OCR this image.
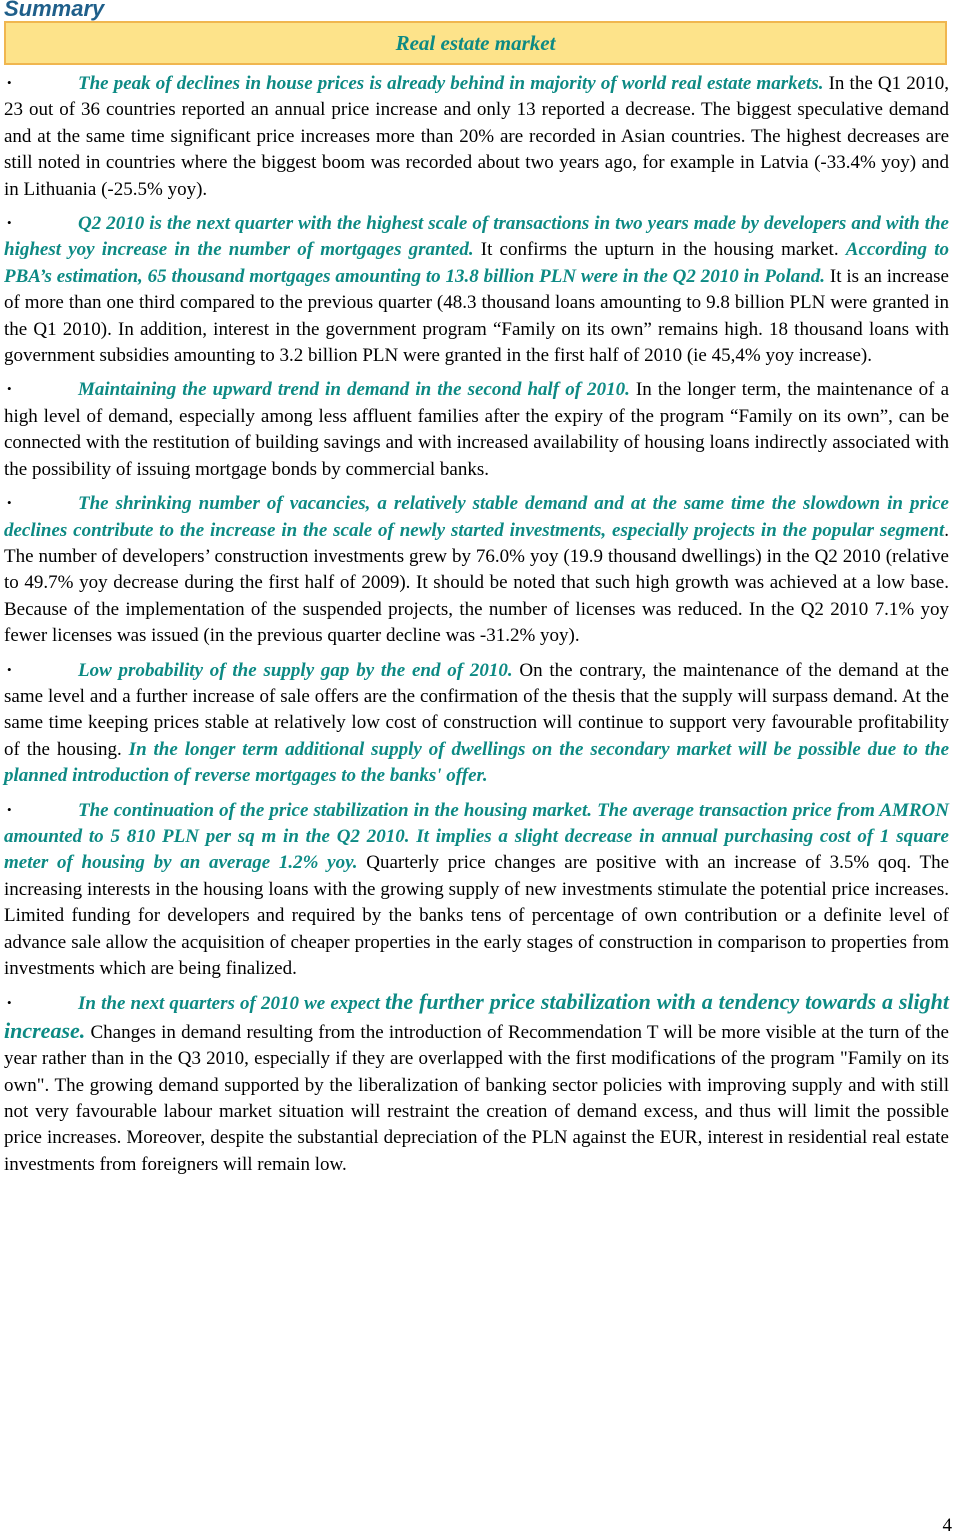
Summary
Real estate market

•	The peak of declines in house prices is already behind in majority of world real estate markets. In the Q1 2010, 23 out of 36 countries reported an annual price increase and only 13 reported a decrease. The biggest speculative demand and at the same time significant price increases more than 20% are recorded in Asian countries. The highest decreases are still noted in countries where the biggest boom was recorded about two years ago, for example in Latvia (-33.4% yoy) and in Lithuania (-25.5% yoy).

•	Q2 2010 is the next quarter with the highest scale of transactions in two years made by developers and with the highest yoy increase in the number of mortgages granted. It confirms the upturn in the housing market. According to PBA’s estimation, 65 thousand mortgages amounting to 13.8 billion PLN were in the Q2 2010 in Poland. It is an increase of more than one third compared to the previous quarter (48.3 thousand loans amounting to 9.8 billion PLN were granted in the Q1 2010). In addition, interest in the government program “Family on its own” remains high. 18 thousand loans with government subsidies amounting to 3.2 billion PLN were granted in the first half of 2010 (ie 45,4% yoy increase).

•	Maintaining the upward trend in demand in the second half of 2010. In the longer term, the maintenance of a high level of demand, especially among less affluent families after the expiry of the program “Family on its own”, can be connected with the restitution of building savings and with increased availability of housing loans indirectly associated with the possibility of issuing mortgage bonds by commercial banks.

•	The shrinking number of vacancies, a relatively stable demand and at the same time the slowdown in price declines contribute to the increase in the scale of newly started investments, especially projects in the popular segment. The number of developers’ construction investments grew by 76.0% yoy (19.9 thousand dwellings) in the Q2 2010 (relative to 49.7% yoy decrease during the first half of 2009). It should be noted that such high growth was achieved at a low base. Because of the implementation of the suspended projects, the number of licenses was reduced. In the Q2 2010 7.1% yoy fewer licenses was issued (in the previous quarter decline was -31.2% yoy).

•	Low probability of the supply gap by the end of 2010. On the contrary, the maintenance of the demand at the same level and a further increase of sale offers are the confirmation of the thesis that the supply will surpass demand. At the same time keeping prices stable at relatively low cost of construction will continue to support very favourable profitability of the housing. In the longer term additional supply of dwellings on the secondary market will be possible due to the planned introduction of reverse mortgages to the banks' offer.

•	The continuation of the price stabilization in the housing market. The average transaction price from AMRON amounted to 5 810 PLN per sq m in the Q2 2010. It implies a slight decrease in annual purchasing cost of 1 square meter of housing by an average 1.2% yoy. Quarterly price changes are positive with an increase of 3.5% qoq. The increasing interests in the housing loans with the growing supply of new investments stimulate the potential price increases. Limited funding for developers and required by the banks tens of percentage of own contribution or a definite level of advance sale allow the acquisition of cheaper properties in the early stages of construction in comparison to properties from investments which are being finalized.

•	In the next quarters of 2010 we expect the further price stabilization with a tendency towards a slight increase. Changes in demand resulting from the introduction of Recommendation T will be more visible at the turn of the year rather than in the Q3 2010, especially if they are overlapped with the first modifications of the program "Family on its own". The growing demand supported by the liberalization of banking sector policies with improving supply and with still not very favourable labour market situation will restraint the creation of demand excess, and thus will limit the possible price increases. Moreover, despite the substantial depreciation of the PLN against the EUR, interest in residential real estate investments from foreigners will remain low.

4
